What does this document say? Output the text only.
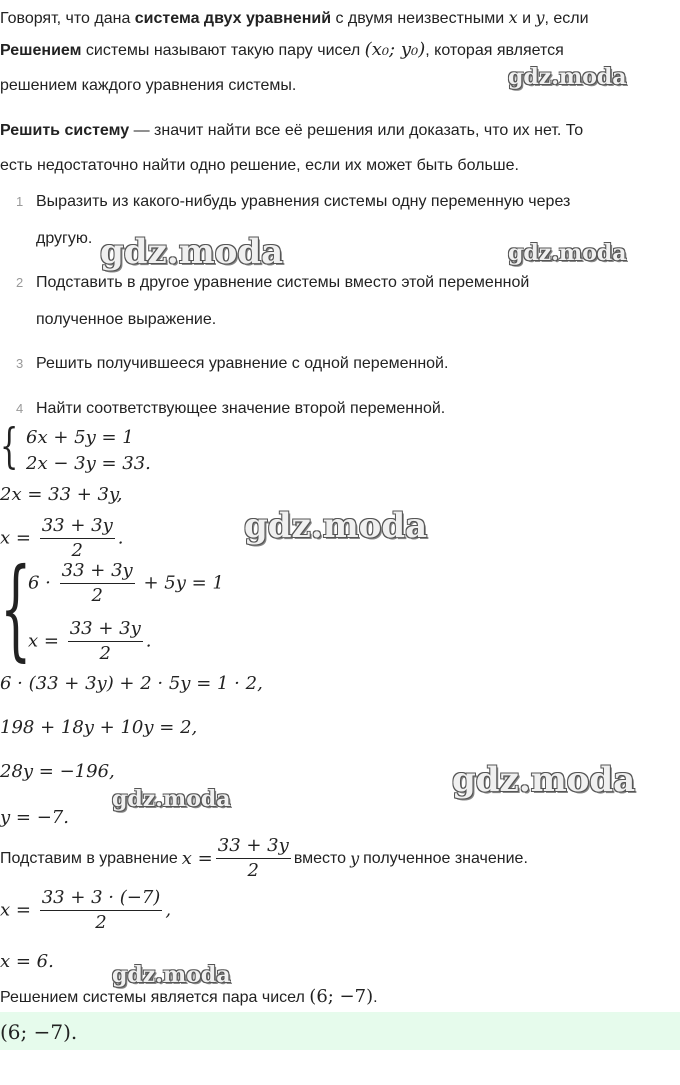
Говорят, что дана система двух уравнений с двумя неизвестными x и y, если
Решением системы называют такую пару чисел (x₀; y₀), которая является
решением каждого уравнения системы.	gdz.moda
Решить систему — значит найти все её решения или доказать, что их нет. То
есть недостаточно найти одно решение, если их может быть больше.
1 Выразить из какого-нибудь уравнения системы одну переменную через
другую. gdz.moda	gdz.moda
2 Подставить в другое уравнение системы вместо этой переменной
полученное выражение.
3 Решить получившееся уравнение с одной переменной.
4 Найти соответствующее значение второй переменной.
{ 6x + 5y = 1
2x − 3y = 33.
2x = 33 + 3y,
$x = \frac{33 + 3y}{2}$ .	gdz.moda
{
$6 \cdot \frac{33 + 3y}{2} + 5y = 1$
$x = \frac{33 + 3y}{2}$ .
6 · (33 + 3y) + 2 · 5y = 1 · 2,
198 + 18y + 10y = 2,
28y = −196,	gdz.moda
gdz.moda
y = −7.
Подставим в уравнение $x = \frac{33 + 3y}{2}$ вместо y полученное значение.
$x = \frac{33 + 3 \cdot (-7)}{2}$ ,
x = 6.
gdz.moda
Решением системы является пара чисел (6; −7).
(6; −7).
